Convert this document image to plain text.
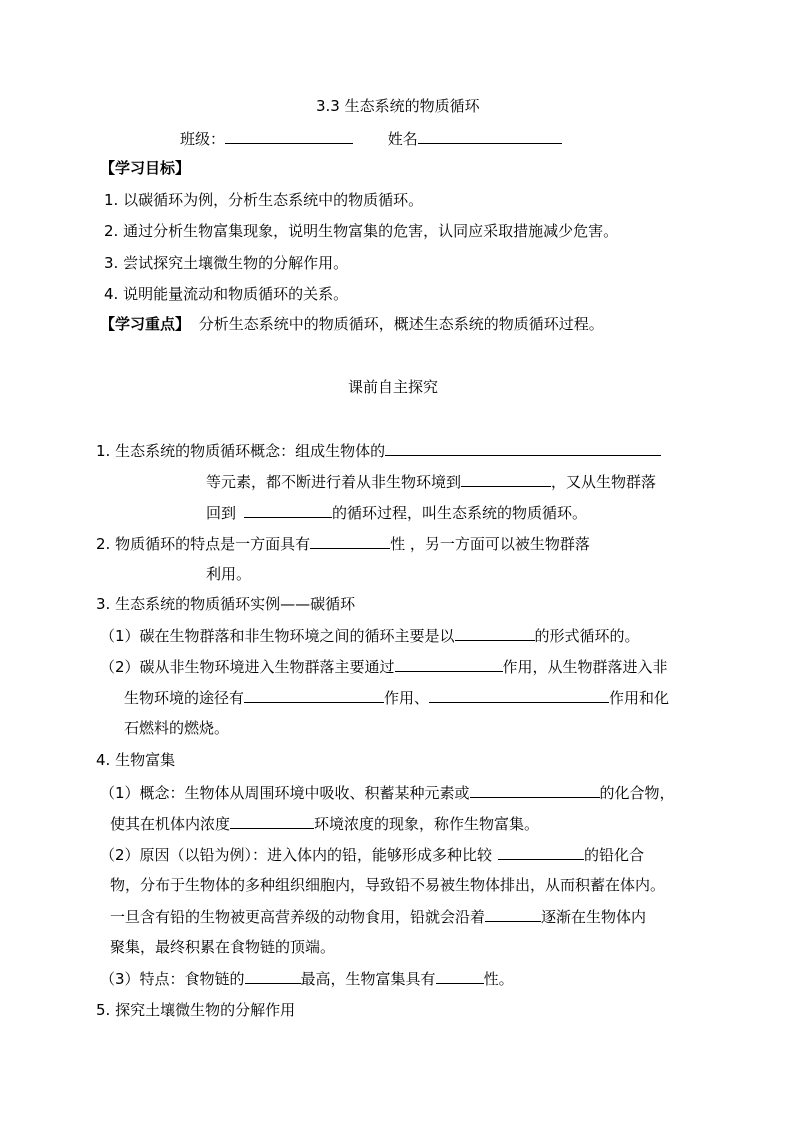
3.3 生态系统的物质循环
班级：	姓名
【学习目标】
1. 以碳循环为例，分析生态系统中的物质循环。
2. 通过分析生物富集现象，说明生物富集的危害，认同应采取措施减少危害。
3. 尝试探究土壤微生物的分解作用。
4. 说明能量流动和物质循环的关系。
【学习重点】 分析生态系统中的物质循环，概述生态系统的物质循环过程。
课前自主探究
1. 生态系统的物质循环概念：组成生物体的
等元素，都不断进行着从非生物环境到	，又从生物群落
回到	的循环过程，叫生态系统的物质循环。
2. 物质循环的特点是一方面具有	性 ，另一方面可以被生物群落
利用。
3. 生态系统的物质循环实例——碳循环
（1）碳在生物群落和非生物环境之间的循环主要是以	的形式循环的。
（2）碳从非生物环境进入生物群落主要通过	作用，从生物群落进入非
生物环境的途径有	作用、	作用和化
石燃料的燃烧。
4. 生物富集
（1）概念：生物体从周围环境中吸收、积蓄某种元素或	的化合物，
使其在机体内浓度	环境浓度的现象，称作生物富集。
（2）原因（以铅为例）：进入体内的铅，能够形成多种比较	的铅化合
物，分布于生物体的多种组织细胞内，导致铅不易被生物体排出，从而积蓄在体内。
一旦含有铅的生物被更高营养级的动物食用，铅就会沿着	逐渐在生物体内
聚集，最终积累在食物链的顶端。
（3）特点：食物链的	最高，生物富集具有	性。
5. 探究土壤微生物的分解作用
